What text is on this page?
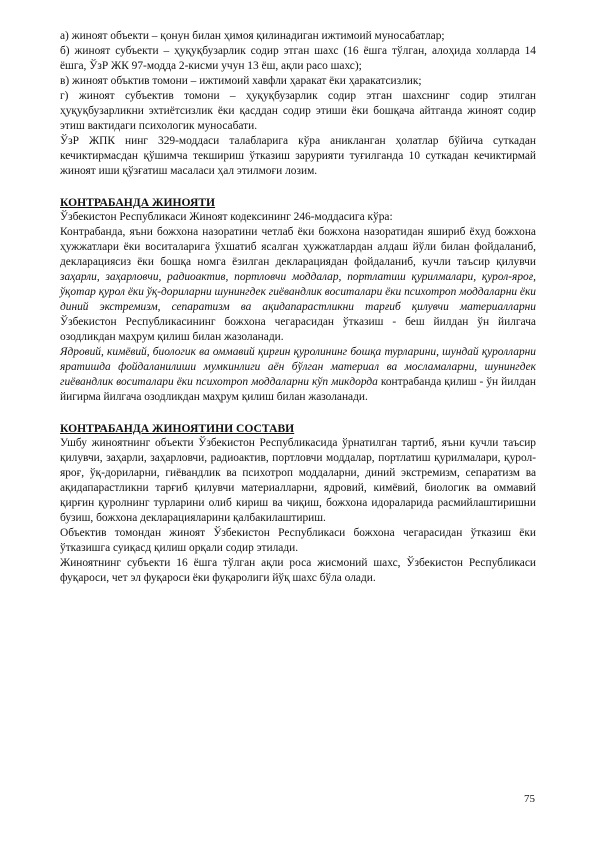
а) жиноят объекти – қонун билан ҳимоя қилинадиган ижтимоий муносабатлар;

б) жиноят субъекти – ҳуқуқбузарлик содир этган шахс (16 ёшга тўлган, алоҳида холларда 14 ёшга, ЎзР ЖК 97-модда 2-кисми учун 13 ёш, ақли расо шахс);

в) жиноят объктив томони – ижтимоий хавфли ҳаракат ёки ҳаракатсизлик;

г) жиноят субъектив томони – ҳуқуқбузарлик содир этган шахснинг содир этилган ҳуқуқбузарликни эхтиётсизлик ёки қасддан содир этиши ёки бошқача айтганда жиноят содир этиш вактидаги психологик муносабати.

ЎзР ЖПК нинг 329-моддаси талабларига кўра аникланган ҳолатлар бўйича суткадан кечиктирмасдан қўшимча текшириш ўтказиш зарурияти туғилганда 10 суткадан кечиктирмай жиноят иши қўзғатиш масаласи ҳал этилмоғи лозим.

КОНТРАБАНДА ЖИНОЯТИ

Ўзбекистон Республикаси Жиноят кодексининг 246-моддасига кўра:

Контрабанда, яъни божхона назоратини четлаб ёки божхона назоратидан яшириб ёхуд божхона ҳужжатлари ёки воситаларига ўхшатиб ясалган ҳужжатлардан алдаш йўли билан фойдаланиб, декларациясиз ёки бошқа номга ёзилган декларациядан фойдаланиб, кучли таъсир қилувчи заҳарли, заҳарловчи, радиоактив, портловчи моддалар, портлатиш қурилмалари, қурол-яроғ, ўқотар қурол ёки ўқ-дориларни шунингдек гиёвандлик воситалари ёки психотроп моддаларни ёки диний экстремизм, сепаратизм ва ақидапарастликни тарғиб қилувчи материалларни Ўзбекистон Республикасининг божхона чегарасидан ўтказиш - беш йилдан ўн йилгача озодликдан маҳрум қилиш билан жазоланади.

Ядровий, кимёвий, биологик ва оммавий қирғин қуролининг бошқа турларини, шундай қуролларни яратишда фойдаланилиши мумкинлиги аён бўлган материал ва мосламаларни, шунингдек гиёвандлик воситалари ёки психотроп моддаларни кўп микдорда контрабанда қилиш - ўн йилдан йигирма йилгача озодликдан маҳрум қилиш билан жазоланади.

КОНТРАБАНДА ЖИНОЯТИНИ СОСТАВИ

Ушбу жиноятнинг объекти Ўзбекистон Республикасида ўрнатилган тартиб, яъни кучли таъсир қилувчи, заҳарли, заҳарловчи, радиоактив, портловчи моддалар, портлатиш қурилмалари, қурол-яроғ, ўқ-дориларни, гиёвандлик ва психотроп моддаларни, диний экстремизм, сепаратизм ва ақидапарастликни тарғиб қилувчи материалларни, ядровий, кимёвий, биологик ва оммавий қирғин қуролнинг турларини олиб кириш ва чиқиш, божхона идораларида расмийлаштиришни бузиш, божхона декларацияларини қалбакилаштириш.

Объектив томондан жиноят Ўзбекистон Республикаси божхона чегарасидан ўтказиш ёки ўтказишга суиқасд қилиш орқали содир этилади.

Жиноятнинг субъекти 16 ёшга тўлган ақли роса жисмоний шахс, Ўзбекистон Республикаси фуқароси, чет эл фуқароси ёки фуқаролиги йўқ шахс бўла олади.

75
